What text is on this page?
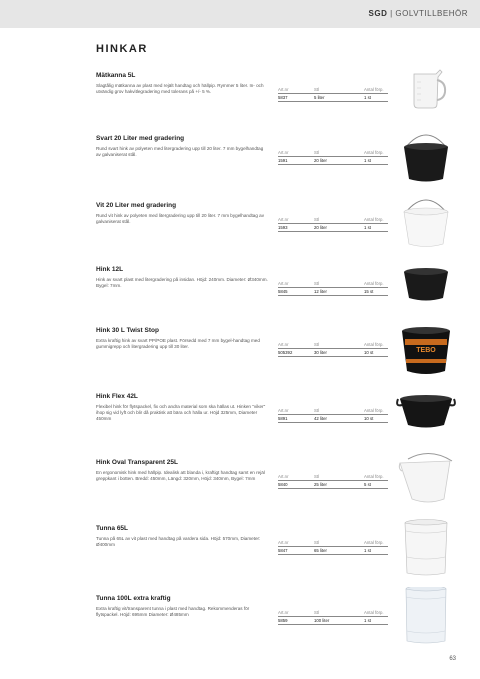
SGD | GOLVTILLBEHÖR
HINKAR
Mätkanna 5L
Slagtålig mätkanna av plast med rejält handtag och hällpip. Rymmer 5 liter. In- och utvändig grov hakvitlegradering med tolerans på +/- 5 %.	Art.nr	Stl	Antal förp.
5837	5 liter	1 st
Svart 20 Liter med gradering
Rund svart hink av polyeten med litergradering upp till 20 liter. 7 mm bygelhandtag av galvaniserat stål.	Art.nr	Stl	Antal förp.
1591	20 liter	1 st
Vit 20 Liter med gradering
Rund vit hink av polyeten med litergradering upp till 20 liter. 7 mm bygelhandtag av galvaniserat stål.	Art.nr	Stl	Antal förp.
1593	20 liter	1 st
Hink 12L
Hink av svart plast med litergradering på insidan. Höjd: 240mm. Diameter: Ø340mm. Bygel: 7mm.	Art.nr	Stl	Antal förp.
5845	12 liter	15 st
Hink 30 L Twist Stop
Extra kraftig hink av svart PP/POE plast. Försedd med 7 mm bygel-handtag med gummigrepp och litergradering upp till 30 liter.	Art.nr	Stl	Antal förp.
505392	30 liter	10 st	TEBO
Hink Flex 42L
Flexibel hink för flytspackel, fix och andra material som ska hällas ut. Hinken "viker" ihop sig vid lyft och blir då praktisk att bära och hälla ur. Höjd 325mm, Diameter 450mm
Art.nr	Stl	Antal förp.
5891	42 liter	10 st
Hink Oval Transparent 25L
En ergonomisk hink med hällpip. Idealisk att blanda i, kraftigt handtag samt en rejäl greppkant i botten. Bredd: 450mm, Längd: 320mm, Höjd: 340mm, Bygel: 7mm	Art.nr	Stl	Antal förp.
5840	25 liter	5 st
Tunna 65L
Tunna på 65L av vit plast med handtag på vardera sida. Höjd: 570mm, Diameter: Ø400mm	Art.nr	Stl	Antal förp.
5847	65 liter	1 st
Tunna 100L extra kraftig
Extra kraftig vit/transparent tunna i plast med handtag. Rekommenderas för flytspackel. Höjd: 695mm Diameter: Ø485mm	Art.nr	Stl	Antal förp.
5859	100 liter	1 st
63
